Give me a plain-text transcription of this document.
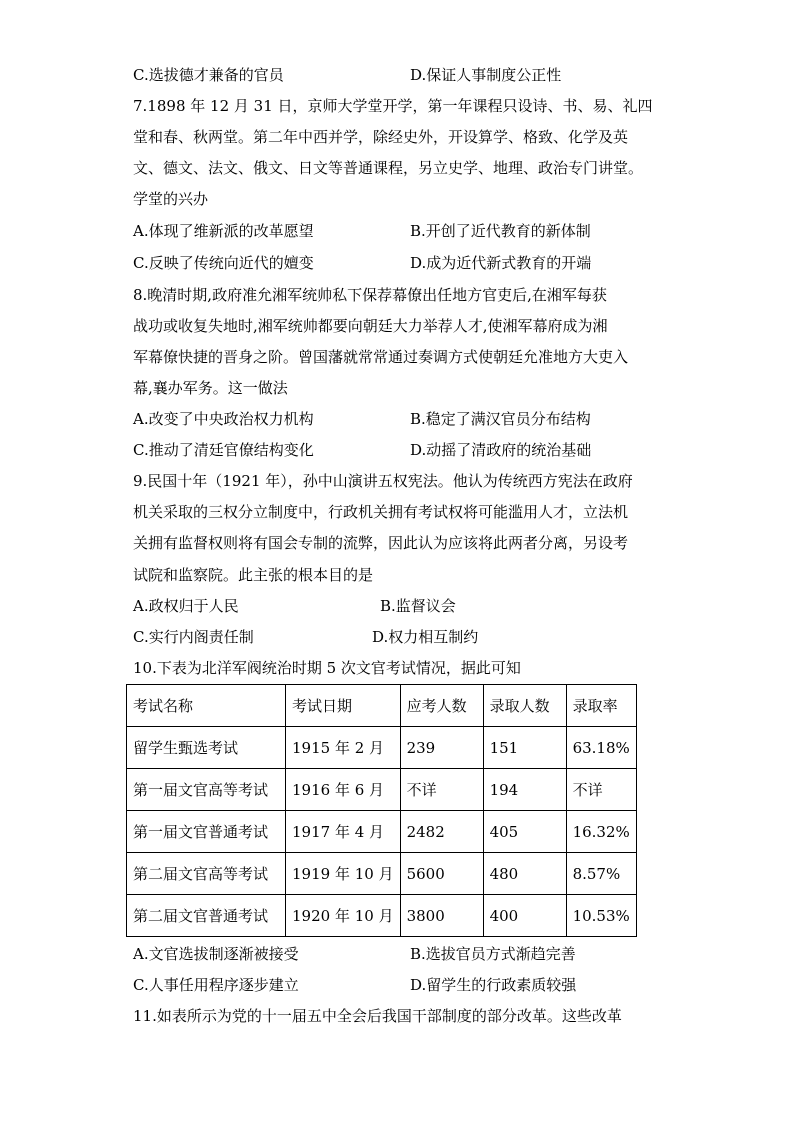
C.选拔德才兼备的官员	D.保证人事制度公正性
7.1898 年 12 月 31 日，京师大学堂开学，第一年课程只设诗、书、易、礼四
堂和春、秋两堂。第二年中西并学，除经史外，开设算学、格致、化学及英
文、德文、法文、俄文、日文等普通课程，另立史学、地理、政治专门讲堂。
学堂的兴办
A.体现了维新派的改革愿望	B.开创了近代教育的新体制
C.反映了传统向近代的嬗变	D.成为近代新式教育的开端
8.晚清时期,政府准允湘军统帅私下保荐幕僚出任地方官吏后,在湘军每获
战功或收复失地时,湘军统帅都要向朝廷大力举荐人才,使湘军幕府成为湘
军幕僚快捷的晋身之阶。曾国藩就常常通过奏调方式使朝廷允准地方大吏入
幕,襄办军务。这一做法
A.改变了中央政治权力机构	B.稳定了满汉官员分布结构
C.推动了清廷官僚结构变化	D.动摇了清政府的统治基础
9.民国十年（1921 年），孙中山演讲五权宪法。他认为传统西方宪法在政府
机关采取的三权分立制度中，行政机关拥有考试权将可能滥用人才，立法机
关拥有监督权则将有国会专制的流弊，因此认为应该将此两者分离，另设考
试院和监察院。此主张的根本目的是
A.政权归于人民	B.监督议会
C.实行内阁责任制	D.权力相互制约
10.下表为北洋军阀统治时期 5 次文官考试情况，据此可知
考试名称	考试日期	应考人数	录取人数	录取率
留学生甄选考试	1915 年 2 月	239	151	63.18%
第一届文官高等考试	1916 年 6 月	不详	194	不详
第一届文官普通考试	1917 年 4 月	2482	405	16.32%
第二届文官高等考试	1919 年 10 月	5600	480	8.57%
第二届文官普通考试	1920 年 10 月	3800	400	10.53%
A.文官选拔制逐渐被接受	B.选拔官员方式渐趋完善
C.人事任用程序逐步建立	D.留学生的行政素质较强
11.如表所示为党的十一届五中全会后我国干部制度的部分改革。这些改革
